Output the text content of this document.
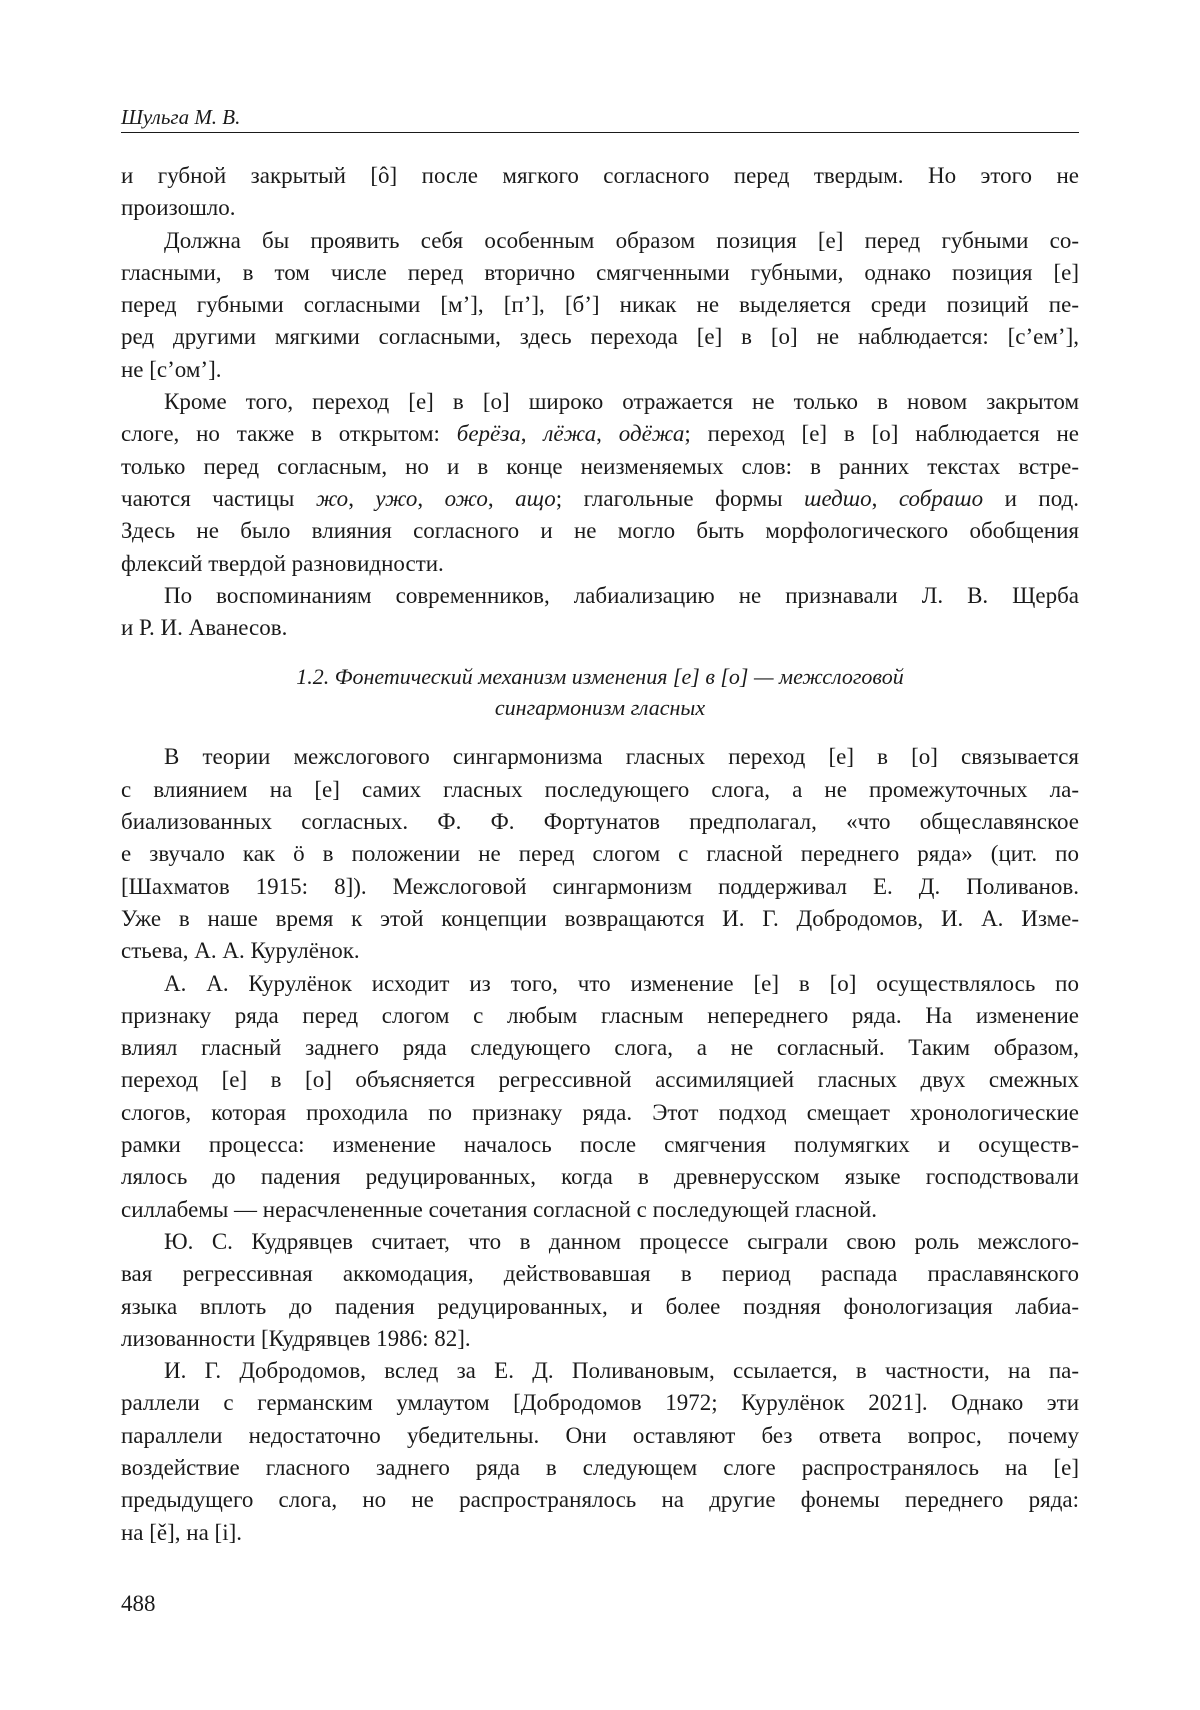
Шульга М. В.

и губной закрытый [ô] после мягкого согласного перед твердым. Но этого не
произошло.

Должна бы проявить себя особенным образом позиция [е] перед губными со-
гласными, в том числе перед вторично смягченными губными, однако позиция [е]
перед губными согласными [м’], [п’], [б’] никак не выделяется среди позиций пе-
ред другими мягкими согласными, здесь перехода [е] в [о] не наблюдается: [с’ем’],
не [с’ом’].

Кроме того, переход [е] в [о] широко отражается не только в новом закрытом
слоге, но также в открытом: берёза, лёжа, одёжа; переход [е] в [о] наблюдается не
только перед согласным, но и в конце неизменяемых слов: в ранних текстах встре-
чаются частицы жо, ужо, ожо, ащо; глагольные формы шедшо, собрашо и под.
Здесь не было влияния согласного и не могло быть морфологического обобщения
флексий твердой разновидности.

По воспоминаниям современников, лабиализацию не признавали Л. В. Щерба
и Р. И. Аванесов.

1.2. Фонетический механизм изменения [е] в [о] — межслоговой
сингармонизм гласных

В теории межслогового сингармонизма гласных переход [е] в [о] связывается
с влиянием на [е] самих гласных последующего слога, а не промежуточных ла-
биализованных согласных. Ф. Ф. Фортунатов предполагал, «что общеславянское
е звучало как ö в положении не перед слогом с гласной переднего ряда» (цит. по
[Шахматов 1915: 8]). Межслоговой сингармонизм поддерживал Е. Д. Поливанов.
Уже в наше время к этой концепции возвращаются И. Г. Добродомов, И. А. Изме-
стьева, А. А. Курулёнок.

А. А. Курулёнок исходит из того, что изменение [е] в [о] осуществлялось по
признаку ряда перед слогом с любым гласным непереднего ряда. На изменение
влиял гласный заднего ряда следующего слога, а не согласный. Таким образом,
переход [е] в [о] объясняется регрессивной ассимиляцией гласных двух смежных
слогов, которая проходила по признаку ряда. Этот подход смещает хронологические
рамки процесса: изменение началось после смягчения полумягких и осуществ-
лялось до падения редуцированных, когда в древнерусском языке господствовали
силлабемы — нерасчлененные сочетания согласной с последующей гласной.

Ю. С. Кудрявцев считает, что в данном процессе сыграли свою роль межслого-
вая регрессивная аккомодация, действовавшая в период распада праславянского
языка вплоть до падения редуцированных, и более поздняя фонологизация лабиа-
лизованности [Кудрявцев 1986: 82].

И. Г. Добродомов, вслед за Е. Д. Поливановым, ссылается, в частности, на па-
раллели с германским умлаутом [Добродомов 1972; Курулёнок 2021]. Однако эти
параллели недостаточно убедительны. Они оставляют без ответа вопрос, почему
воздействие гласного заднего ряда в следующем слоге распространялось на [е]
предыдущего слога, но не распространялось на другие фонемы переднего ряда:
на [ě], на [i].

488
